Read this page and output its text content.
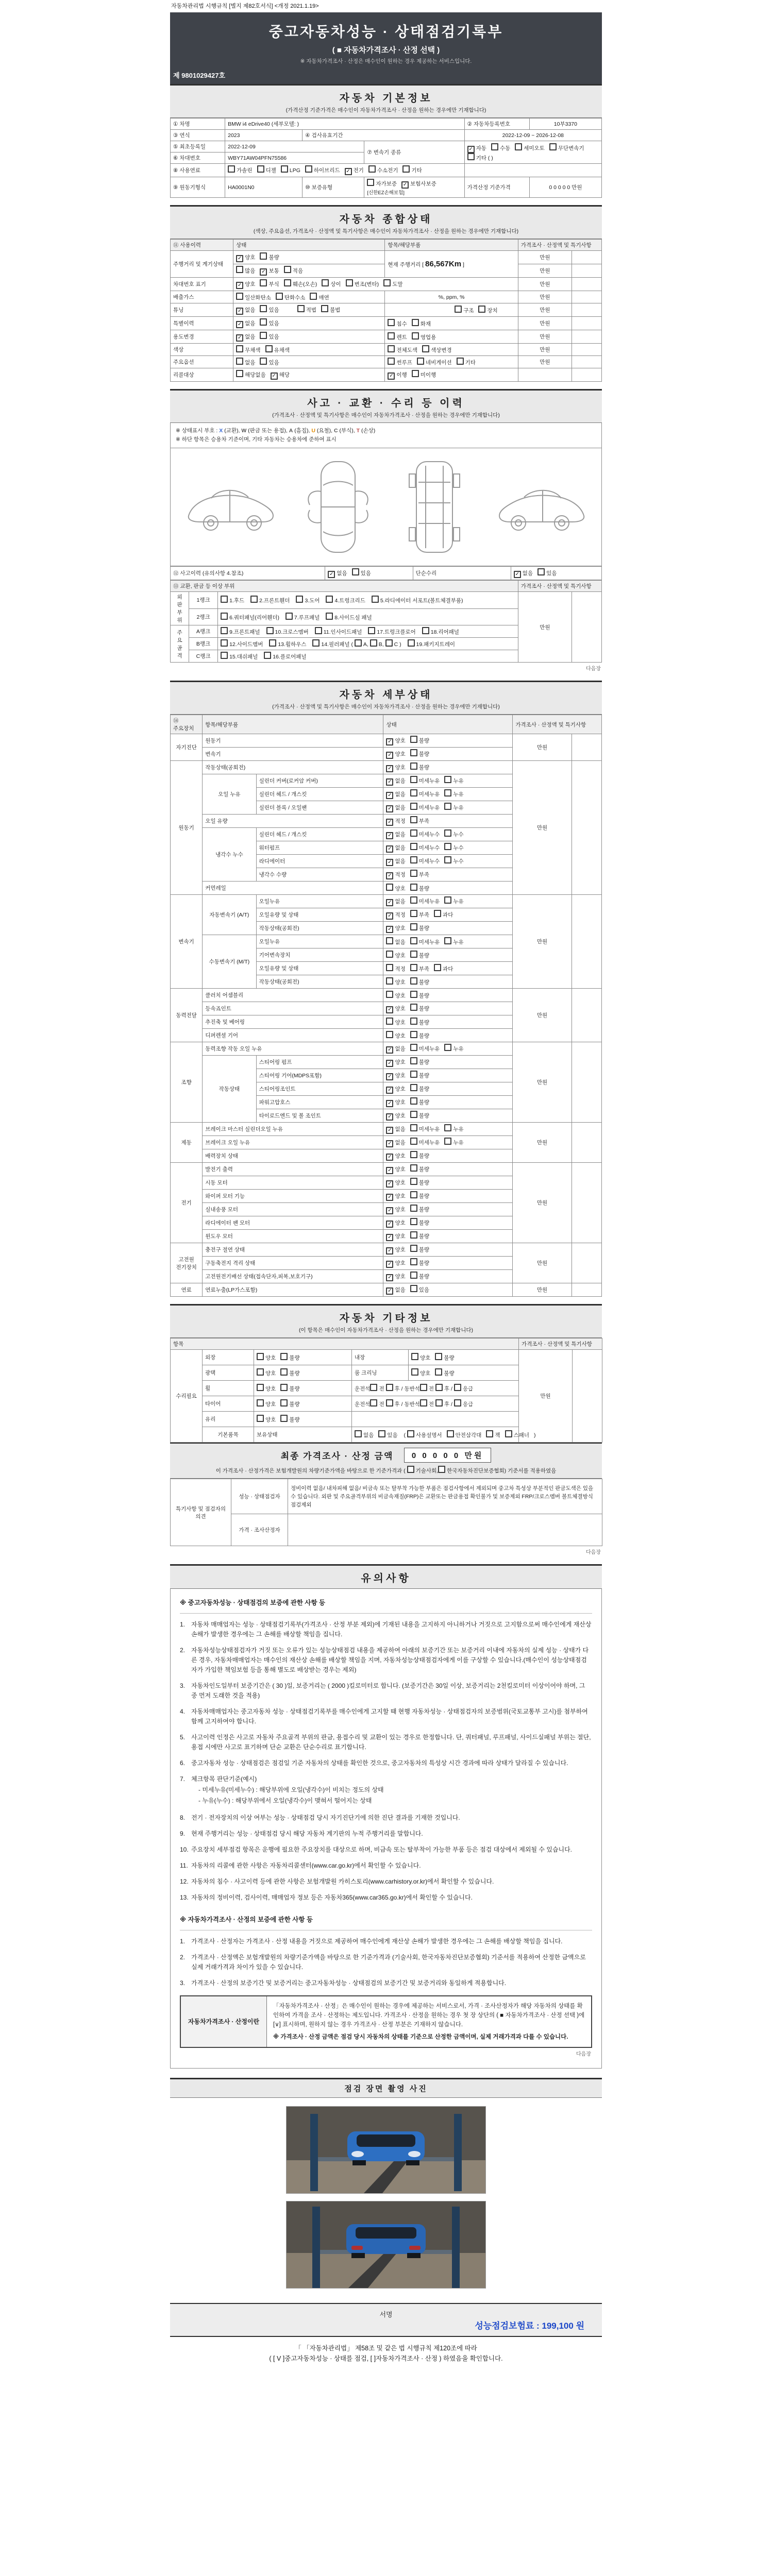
자동차관리법 시행규칙 [별지 제82호서식] <개정 2021.1.19>
중고자동차성능 · 상태점검기록부
( ■ 자동차가격조사 · 산정 선택 )
※ 자동차가격조사 · 산정은 매수인이 원하는 경우 제공하는 서비스입니다.
제 9801029427호
자동차 기본정보
(가격산정 기준가격은 매수인이 자동차가격조사 · 산정을 원하는 경우에만 기재합니다)
① 차명	BMW i4 eDrive40 (세부모델: )			② 자동차등록번호	10부3370
③ 연식	2023	④ 검사유효기간		2022-12-09 ~ 2026-12-08	
⑤ 최초등록일	2022-12-09		⑦ 변속기 종류	✓ 자동 수동 세미오토 무단변속기기타 ( )	
⑥ 차대번호	WBY71AW04PFN75586				
⑧ 사용연료	가솔린 디젤 LPG 하이브리드 ✓ 전기 수소전기 기타				
⑨ 원동기형식	HA0001N0	⑩ 보증유형	자가보증 ✓ 보험사보증[신한EZ손해보험]	가격산정 기준가격	0 0 0 0 0 만원
자동차 종합상태
(색상, 주요옵션, 가격조사 · 산정액 및 특기사항은 매수인이 자동차가격조사 · 산정을 원하는 경우에만 기재합니다)
⑪ 사용이력	상태	항목/해당부품	가격조사 · 산정액 및 특기사항	
주행거리 및 계기상태	✓ 양호 불량	현재 주행거리 [ 86,567Km ]	만원	
	많음 ✓ 보통 적음		만원	
차대번호 표기	✓ 양호 부식 훼손(오손) 상이 변조(변타) 도말		만원	
배출가스	일산화탄소 탄화수소 매연	%, ppm, %	만원	
튜닝	✓ 없음 있음 적법 불법	구조 장치	만원	
특별이력	✓ 없음 있음	침수 화재	만원	
용도변경	✓ 없음 있음	렌트 영업용	만원	
색상	무채색 유채색	전체도색 색상변경	만원	
주요옵션	없음 있음	썬루프 네비게이션 기타	만원	
리콜대상	해당없음 ✓ 해당	✓ 이행 미이행		
사고 · 교환 · 수리 등 이력
(가격조사 · 산정액 및 특기사항은 매수인이 자동차가격조사 · 산정을 원하는 경우에만 기재합니다)
※ 상태표시 부호 : X (교환), W (판금 또는 용접), A (흠집), U (요철), C (부식), T (손상)
※ 하단 항목은 승용차 기준이며, 기타 자동차는 승용차에 준하여 표시
⑫ 사고이력 (유의사항 4.참조)	✓ 없음 있음	단순수리	✓ 없음 있음
⑬ 교환, 판금 등 이상 부위			가격조사 · 산정액 및 특기사항	
외
판
부
위	1랭크	1.후드 2.프론트휀더 3.도어 4.트렁크리드 5.라디에이터 서포트(볼트체결부품)	만원	
	2랭크	6.쿼터패널(리어휀더) 7.루프패널 8.사이드실 패널		
주
요
골
격	A랭크	9.프론트패널 10.크로스멤버 11.인사이드패널 17.트렁크플로어 18.리어패널		
	B랭크	12.사이드멤버 13.휠하우스 14.필러패널 ( A, B, C ) 19.패키지트레이		
	C랭크	15.대쉬패널 16.플로어패널		
다음장
자동차 세부상태
(가격조사 · 산정액 및 특기사항은 매수인이 자동차가격조사 · 산정을 원하는 경우에만 기재합니다)
⑭ 주요장치	항목/해당부품		상태	가격조사 · 산정액 및 특기사항	
자기진단	원동기		✓ 양호 불량	만원	
	변속기		✓ 양호 불량		
원동기	작동상태(공회전)		✓ 양호 불량	만원	
	오일 누유	실린더 커버(로커암 커버)	✓ 없음 미세누유 누유		
		실린더 헤드 / 개스킷	✓ 없음 미세누유 누유		
		실린더 블록 / 오일팬	✓ 없음 미세누유 누유		
	오일 유량		✓ 적정 부족		
	냉각수 누수	실린더 헤드 / 개스킷	✓ 없음 미세누수 누수		
		워터펌프	✓ 없음 미세누수 누수		
		라디에이터	✓ 없음 미세누수 누수		
		냉각수 수량	✓ 적정 부족		
	커먼레일		양호 불량		
변속기	자동변속기 (A/T)	오일누유	✓ 없음 미세누유 누유	만원	
		오일유량 및 상태	✓ 적정 부족 과다		
		작동상태(공회전)	✓ 양호 불량		
	수동변속기 (M/T)	오일누유	없음 미세누유 누유		
		기어변속장치	양호 불량		
		오일유량 및 상태	적정 부족 과다		
		작동상태(공회전)	양호 불량		
동력전달	클러치 어셈블리		양호 불량	만원	
	등속죠인트		✓ 양호 불량		
	추진축 및 베어링		양호 불량		
	디퍼렌셜 기어		양호 불량		
조향	동력조향 작동 오일 누유		✓ 없음 미세누유 누유	만원	
	작동상태	스티어링 펌프	✓ 양호 불량		
		스티어링 기어(MDPS포함)	✓ 양호 불량		
		스티어링조인트	✓ 양호 불량		
		파워고압호스	✓ 양호 불량		
		타이로드엔드 및 볼 조인트	✓ 양호 불량		
제동	브레이크 마스터 실린더오일 누유		✓ 없음 미세누유 누유	만원	
	브레이크 오일 누유		✓ 없음 미세누유 누유		
	배력장치 상태		✓ 양호 불량		
전기	발전기 출력		✓ 양호 불량	만원	
	시동 모터		✓ 양호 불량		
	와이퍼 모터 기능		✓ 양호 불량		
	실내송풍 모터		✓ 양호 불량		
	라디에이터 팬 모터		✓ 양호 불량		
	윈도우 모터		✓ 양호 불량		
고전원 전기장치	충전구 절연 상태		✓ 양호 불량	만원	
	구동축전지 격리 상태		✓ 양호 불량		
	고전원전기배선 상태(접속단자,피복,보호기구)		✓ 양호 불량		
연료	연료누출(LP가스포함)		✓ 없음 있음	만원	
자동차 기타정보
(이 항목은 매수인이 자동차가격조사 · 산정을 원하는 경우에만 기재합니다)
항목					가격조사 · 산정액 및 특기사항	
수리필요	외장	양호 불량	내장	양호 불량	만원	
	광택	양호 불량	룸 크리닝	양호 불량		
	휠	양호 불량	운전석 전 후 / 동반석 전 후 / 응급			
	타이어	양호 불량	운전석 전 후 / 동반석 전 후 / 응급			
	유리	양호 불량				
	기본품목	보유상태	없음 있음 ( 사용설명서 안전삼각대 잭 스패너 )			
최종 가격조사 · 산정 금액 0 0 0 0 0 만원
이 가격조사 · 산정가격은 보험개발원의 차량기준가액을 바탕으로 한 기준가격과 ( 기술사회, 한국자동차진단보증협회) 기준서를 적용하였음
특기사항 및 점검자의 의견	성능 · 상태점검자	정비이력 없음/ 내차피해 없음/ 비금속 또는 탈부착 가능한 부품은 점검사항에서 제외되며 중고차 특성상 부분적인 판금도색은 있을 수 있습니다. 외판 및 주요골격부위의 비금속재질(FRP)은 교환또는 판금용접 확인불가 및 보증제외 FRP/크로스멤버 볼트체결방식 점검제외
	가격 · 조사산정자	
다음장
유의사항
※ 중고자동차성능 · 상태점검의 보증에 관한 사항 등
1. 자동차 매매업자는 성능 · 상태점검기록부(가격조사 · 산정 부분 제외)에 기재된 내용을 고지하지 아니하거나 거짓으로 고지함으로써 매수인에게 재산상 손해가 발생한 경우에는 그 손해를 배상할 책임을 집니다.
2. 자동차성능상태점검자가 거짓 또는 오류가 있는 성능상태점검 내용을 제공하여 아래의 보증기간 또는 보증거리 이내에 자동차의 실제 성능 · 상태가 다른 경우, 자동차매매업자는 매수인의 재산상 손해를 배상할 책임을 지며, 자동차성능상태점검자에게 이를 구상할 수 있습니다.(매수인이 성능상태점검자가 가입한 책임보험 등을 통해 별도로 배상받는 경우는 제외)
3. 자동차인도일부터 보증기간은 ( 30 )일, 보증거리는 ( 2000 )킬로미터로 합니다. (보증기간은 30일 이상, 보증거리는 2천킬로미터 이상이어야 하며, 그 중 먼저 도래한 것을 적용)
4. 자동차매매업자는 중고자동차 성능 · 상태점검기록부를 매수인에게 고지할 때 현행 자동차성능 · 상태점검자의 보증범위(국토교통부 고시)를 첨부하여 함께 고지하여야 합니다.
5. 사고이력 인정은 사고로 자동차 주요골격 부위의 판금, 용접수리 및 교환이 있는 경우로 한정합니다. 단, 쿼터패널, 루프패널, 사이드실패널 부위는 절단, 용접 시에만 사고로 표기하며 단순 교환은 단순수리로 표기합니다.
6. 중고자동차 성능 · 상태점검은 점검일 기준 자동차의 상태를 확인한 것으로, 중고자동차의 특성상 시간 경과에 따라 상태가 달라질 수 있습니다.
7. 체크항목 판단기준(예시)
- 미세누유(미세누수) : 해당부위에 오일(냉각수)이 비치는 정도의 상태
- 누유(누수) : 해당부위에서 오일(냉각수)이 맺혀서 떨어지는 상태
8. 전기 · 전자장치의 이상 여부는 성능 · 상태점검 당시 자기진단기에 의한 진단 결과를 기재한 것입니다.
9. 현재 주행거리는 성능 · 상태점검 당시 해당 자동차 계기판의 누적 주행거리를 말합니다.
10. 주요장치 세부점검 항목은 운행에 필요한 주요장치를 대상으로 하며, 비금속 또는 탈부착이 가능한 부품 등은 점검 대상에서 제외될 수 있습니다.
11. 자동차의 리콜에 관한 사항은 자동차리콜센터(www.car.go.kr)에서 확인할 수 있습니다.
12. 자동차의 침수 · 사고이력 등에 관한 사항은 보험개발원 카히스토리(www.carhistory.or.kr)에서 확인할 수 있습니다.
13. 자동차의 정비이력, 검사이력, 매매업자 정보 등은 자동차365(www.car365.go.kr)에서 확인할 수 있습니다.
※ 자동차가격조사 · 산정의 보증에 관한 사항 등
1. 가격조사 · 산정자는 가격조사 · 산정 내용을 거짓으로 제공하여 매수인에게 재산상 손해가 발생한 경우에는 그 손해를 배상할 책임을 집니다.
2. 가격조사 · 산정액은 보험개발원의 차량기준가액을 바탕으로 한 기준가격과 (기술사회, 한국자동차진단보증협회) 기준서를 적용하여 산정한 금액으로 실제 거래가격과 차이가 있을 수 있습니다.
3. 가격조사 · 산정의 보증기간 및 보증거리는 중고자동차성능 · 상태점검의 보증기간 및 보증거리와 동일하게 적용합니다.
자동차가격조사 · 산정이란
「자동차가격조사 · 산정」은 매수인이 원하는 경우에 제공하는 서비스로서, 가격 · 조사산정자가 해당 자동차의 상태를 확인하여 가격을 조사 · 산정하는 제도입니다. 가격조사 · 산정을 원하는 경우 첫 장 상단의 ( ■ 자동차가격조사 · 산정 선택 )에 [∨] 표시하며, 원하지 않는 경우 가격조사 · 산정 부분은 기재하지 않습니다.
※ 가격조사 · 산정 금액은 점검 당시 자동차의 상태를 기준으로 산정한 금액이며, 실제 거래가격과 다를 수 있습니다.
다음장
점검 장면 촬영 사진
서명
성능점검보험료 : 199,100 원
「 「자동차관리법」 제58조 및 같은 법 시행규칙 제120조에 따라
( [ V ]중고자동차성능 · 상태를 점검, [ ]자동차가격조사 · 산정 ) 하였음을 확인합니다.
